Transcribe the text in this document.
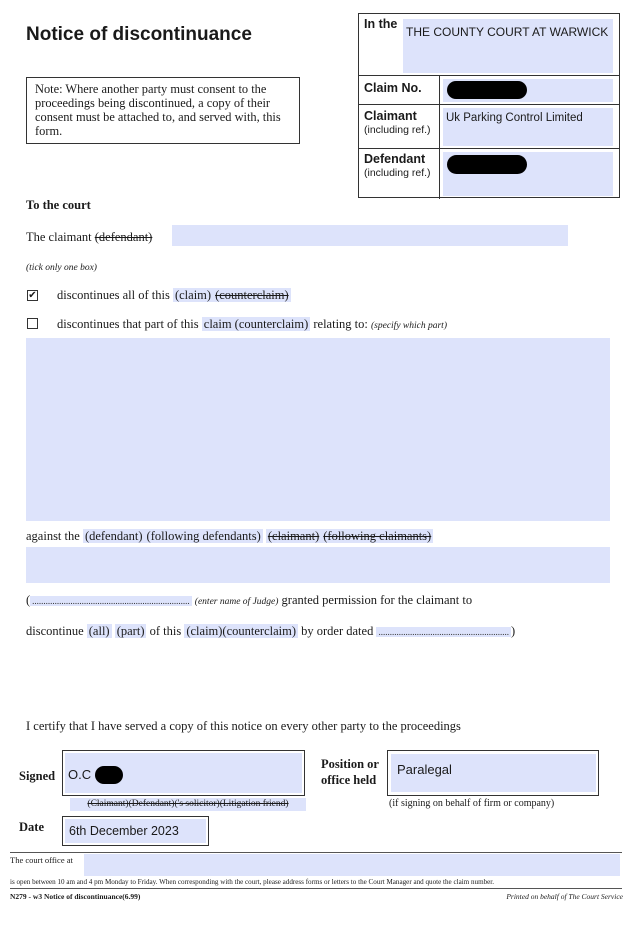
Notice of discontinuance
Note: Where another party must consent to the proceedings being discontinued, a copy of their consent must be attached to, and served with, this form.
In the
THE COUNTY COURT AT WARWICK
Claim No.
Claimant
(including ref.)
Uk Parking Control Limited
Defendant
(including ref.)
To the court
The claimant (defendant)
(tick only one box)
✔ discontinues all of this (claim) (counterclaim)
discontinues that part of this claim (counterclaim) relating to: (specify which part)
against the (defendant) (following defendants) (claimant) (following claimants)
( ...................................................................... (enter name of Judge) granted permission for the claimant to
discontinue (all) (part) of this (claim)(counterclaim) by order dated .......................................................... )
I certify that I have served a copy of this notice on every other party to the proceedings
Signed O.C
(Claimant)(Defendant)('s solicitor)(Litigation friend)
Position or
office held
Paralegal
(if signing on behalf of firm or company)
Date 6th December 2023
The court office at
is open between 10 am and 4 pm Monday to Friday. When corresponding with the court, please address forms or letters to the Court Manager and quote the claim number.
N279 - w3 Notice of discontinuance(6.99)	Printed on behalf of The Court Service
